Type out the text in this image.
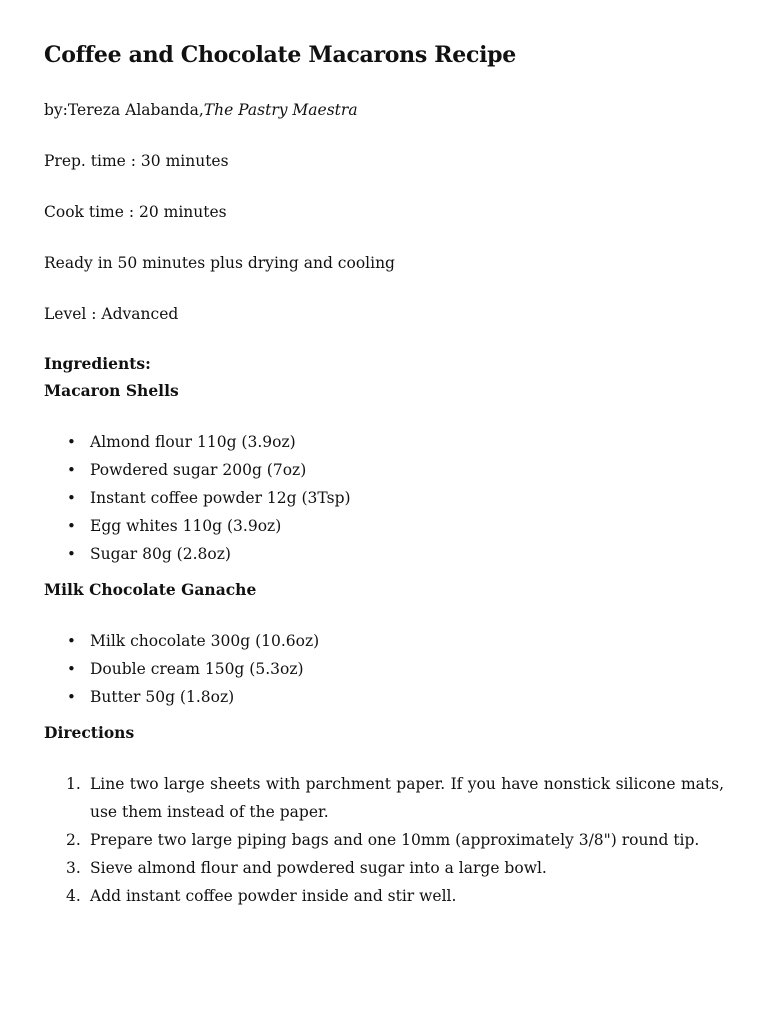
Coffee and Chocolate Macarons Recipe

by:Tereza Alabanda,The Pastry Maestra

Prep. time : 30 minutes

Cook time : 20 minutes

Ready in 50 minutes plus drying and cooling

Level : Advanced

Ingredients:

Macaron Shells

• Almond flour 110g (3.9oz)
• Powdered sugar 200g (7oz)
• Instant coffee powder 12g (3Tsp)
• Egg whites 110g (3.9oz)
• Sugar 80g (2.8oz)

Milk Chocolate Ganache

• Milk chocolate 300g (10.6oz)
• Double cream 150g (5.3oz)
• Butter 50g (1.8oz)

Directions

1. Line two large sheets with parchment paper. If you have nonstick silicone mats, use them instead of the paper.
2. Prepare two large piping bags and one 10mm (approximately 3/8") round tip.
3. Sieve almond flour and powdered sugar into a large bowl.
4. Add instant coffee powder inside and stir well.
